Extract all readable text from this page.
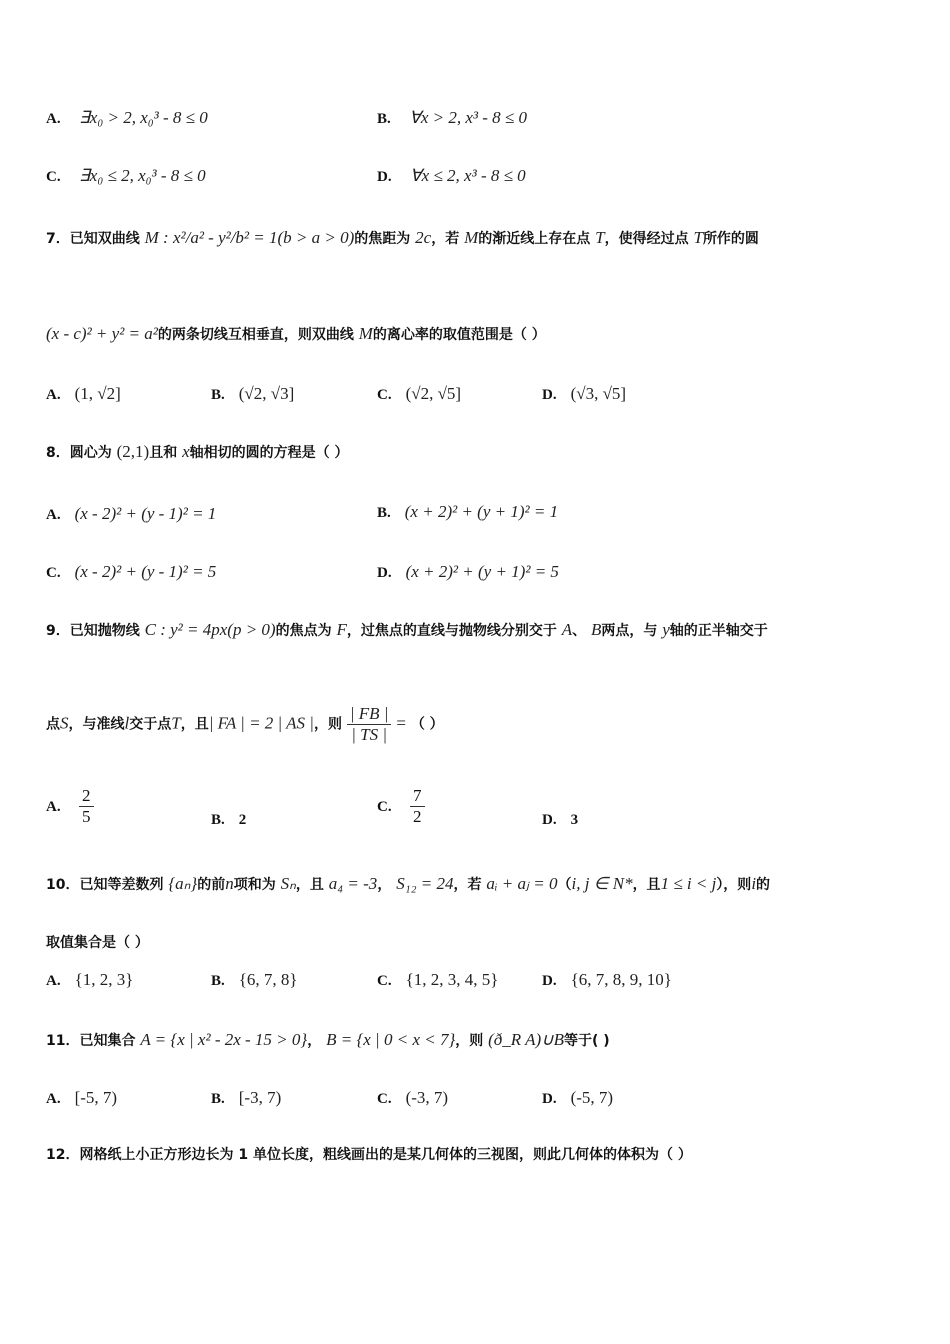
A. ∃x₀ > 2, x₀³ - 8 ≤ 0	B. ∀x > 2, x³ - 8 ≤ 0
C. ∃x₀ ≤ 2, x₀³ - 8 ≤ 0	D. ∀x ≤ 2, x³ - 8 ≤ 0
7．已知双曲线 M : x²/a² - y²/b² = 1(b > a > 0)的焦距为 2c，若 M的渐近线上存在点 T，使得经过点 T所作的圆
(x - c)² + y² = a²的两条切线互相垂直，则双曲线 M的离心率的取值范围是（ ）
A. (1, √2]	B. (√2, √3]	C. (√2, √5]	D. (√3, √5]
8．圆心为 (2,1)且和 x轴相切的圆的方程是（ ）
A. (x - 2)² + (y - 1)² = 1	B. (x + 2)² + (y + 1)² = 1
C. (x - 2)² + (y - 1)² = 5	D. (x + 2)² + (y + 1)² = 5
9．已知抛物线 C : y² = 4px(p > 0)的焦点为 F，过焦点的直线与抛物线分别交于 A、 B两点，与 y轴的正半轴交于
点S，与准线l交于点T，且| FA | = 2 | AS |，则 $\frac{| FB |}{| TS |}$ = （ ）
A. $\frac{2}{5}$	B. 2
C. $\frac{7}{2}$	D. 3
10．已知等差数列 {aₙ}的前n项和为 Sₙ，且 a₄ = -3， S₁₂ = 24，若 aᵢ + aⱼ = 0（i, j ∈ N*，且1 ≤ i < j），则i的
取值集合是（ ）
A. {1, 2, 3}	B. {6, 7, 8}	C. {1, 2, 3, 4, 5}	D. {6, 7, 8, 9, 10}
11．已知集合 A = {x | x² - 2x - 15 > 0}， B = {x | 0 < x < 7}，则 (ð_R A)∪B等于( )
A. [-5, 7)	B. [-3, 7)	C. (-3, 7)	D. (-5, 7)
12．网格纸上小正方形边长为 1 单位长度，粗线画出的是某几何体的三视图，则此几何体的体积为（ ）
